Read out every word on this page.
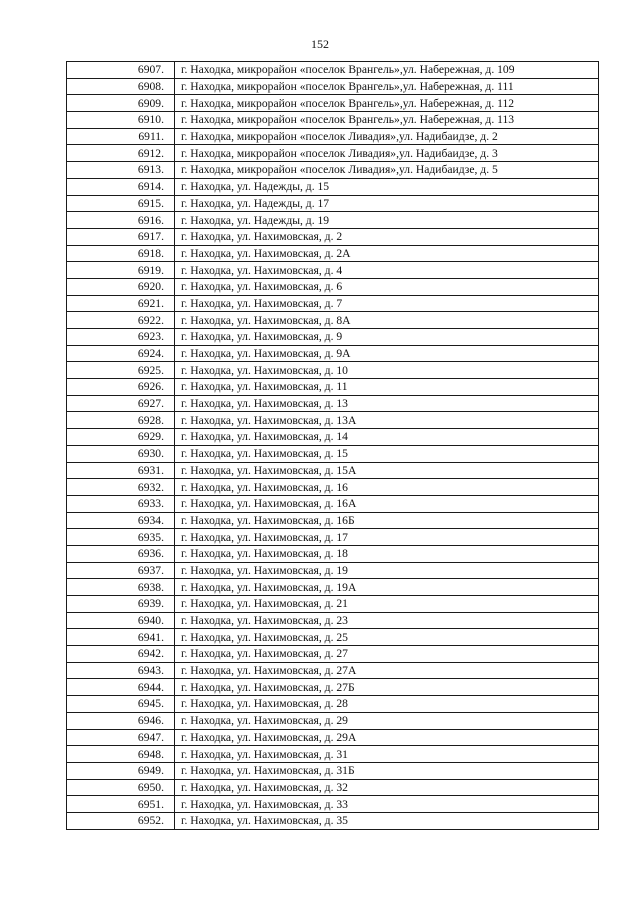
152
6907.	г. Находка, микрорайон «поселок Врангель»,ул. Набережная, д. 109
6908.	г. Находка, микрорайон «поселок Врангель»,ул. Набережная, д. 111
6909.	г. Находка, микрорайон «поселок Врангель»,ул. Набережная, д. 112
6910.	г. Находка, микрорайон «поселок Врангель»,ул. Набережная, д. 113
6911.	г. Находка, микрорайон «поселок Ливадия»,ул. Надибаидзе, д. 2
6912.	г. Находка, микрорайон «поселок Ливадия»,ул. Надибаидзе, д. 3
6913.	г. Находка, микрорайон «поселок Ливадия»,ул. Надибаидзе, д. 5
6914.	г. Находка, ул. Надежды, д. 15
6915.	г. Находка, ул. Надежды, д. 17
6916.	г. Находка, ул. Надежды, д. 19
6917.	г. Находка, ул. Нахимовская, д. 2
6918.	г. Находка, ул. Нахимовская, д. 2А
6919.	г. Находка, ул. Нахимовская, д. 4
6920.	г. Находка, ул. Нахимовская, д. 6
6921.	г. Находка, ул. Нахимовская, д. 7
6922.	г. Находка, ул. Нахимовская, д. 8А
6923.	г. Находка, ул. Нахимовская, д. 9
6924.	г. Находка, ул. Нахимовская, д. 9А
6925.	г. Находка, ул. Нахимовская, д. 10
6926.	г. Находка, ул. Нахимовская, д. 11
6927.	г. Находка, ул. Нахимовская, д. 13
6928.	г. Находка, ул. Нахимовская, д. 13А
6929.	г. Находка, ул. Нахимовская, д. 14
6930.	г. Находка, ул. Нахимовская, д. 15
6931.	г. Находка, ул. Нахимовская, д. 15А
6932.	г. Находка, ул. Нахимовская, д. 16
6933.	г. Находка, ул. Нахимовская, д. 16А
6934.	г. Находка, ул. Нахимовская, д. 16Б
6935.	г. Находка, ул. Нахимовская, д. 17
6936.	г. Находка, ул. Нахимовская, д. 18
6937.	г. Находка, ул. Нахимовская, д. 19
6938.	г. Находка, ул. Нахимовская, д. 19А
6939.	г. Находка, ул. Нахимовская, д. 21
6940.	г. Находка, ул. Нахимовская, д. 23
6941.	г. Находка, ул. Нахимовская, д. 25
6942.	г. Находка, ул. Нахимовская, д. 27
6943.	г. Находка, ул. Нахимовская, д. 27А
6944.	г. Находка, ул. Нахимовская, д. 27Б
6945.	г. Находка, ул. Нахимовская, д. 28
6946.	г. Находка, ул. Нахимовская, д. 29
6947.	г. Находка, ул. Нахимовская, д. 29А
6948.	г. Находка, ул. Нахимовская, д. 31
6949.	г. Находка, ул. Нахимовская, д. 31Б
6950.	г. Находка, ул. Нахимовская, д. 32
6951.	г. Находка, ул. Нахимовская, д. 33
6952.	г. Находка, ул. Нахимовская, д. 35
